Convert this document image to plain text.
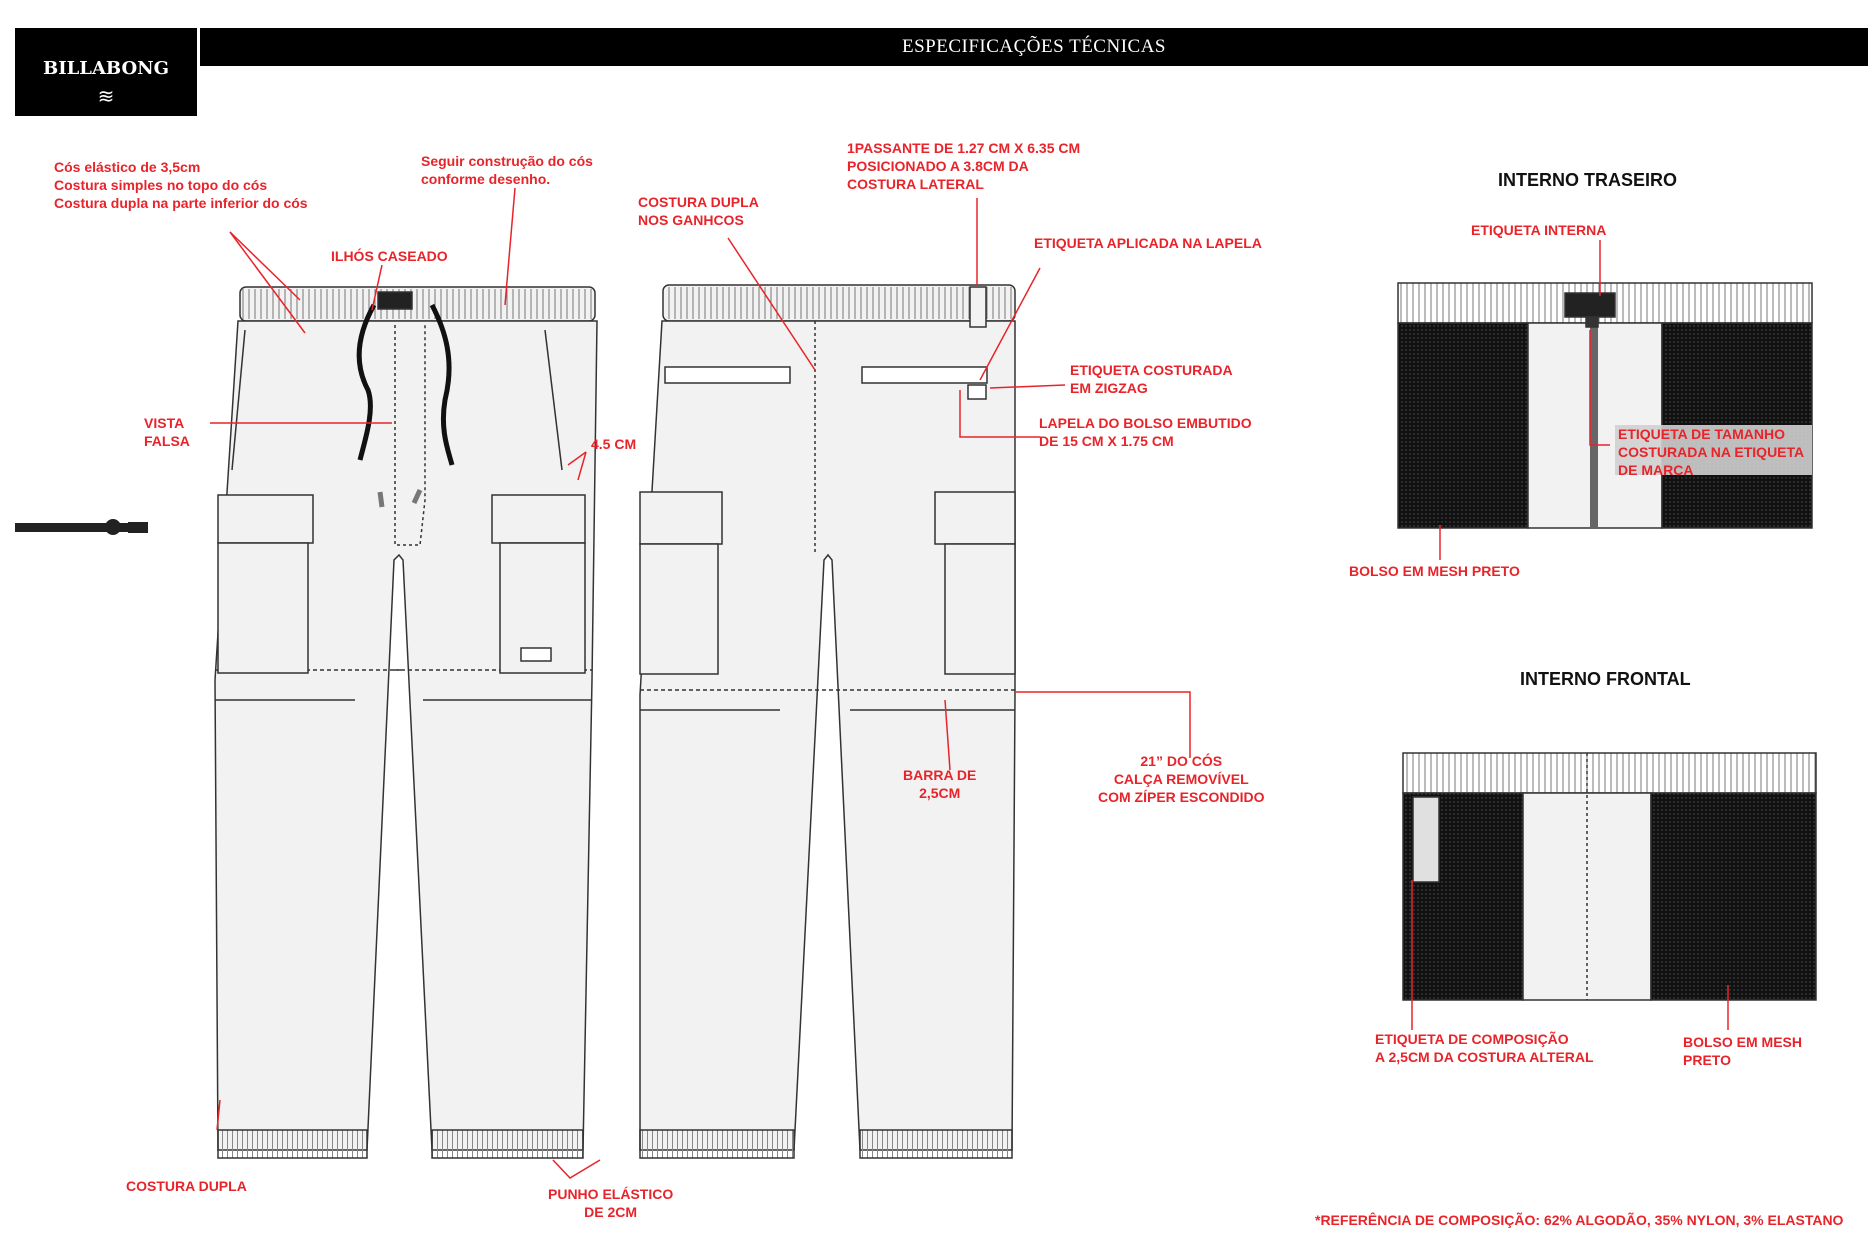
BILLABONG
≋
ESPECIFICAÇÕES TÉCNICAS
Cós elástico de 3,5cm
Costura simples no topo do cós
Costura dupla na parte inferior do cós
Seguir construção do cós
conforme desenho.
ILHÓS CASEADO
VISTA
FALSA	4.5 CM
COSTURA DUPLA	PUNHO ELÁSTICO
DE 2CM
COSTURA DUPLA
NOS GANHCOS
1PASSANTE DE 1.27 CM X 6.35 CM
POSICIONADO A 3.8CM DA
COSTURA LATERAL
ETIQUETA APLICADA NA LAPELA
ETIQUETA COSTURADA
EM ZIGZAG
LAPELA DO BOLSO EMBUTIDO
DE 15 CM X 1.75 CM
BARRA DE
2,5CM
21” DO CÓS
CALÇA REMOVÍVEL
COM ZÍPER ESCONDIDO
INTERNO TRASEIRO
ETIQUETA INTERNA
ETIQUETA DE TAMANHO
COSTURADA NA ETIQUETA
DE MARCA
BOLSO EM MESH PRETO
INTERNO FRONTAL
ETIQUETA DE COMPOSIÇÃO
A 2,5CM DA COSTURA ALTERAL
BOLSO EM MESH
PRETO
*REFERÊNCIA DE COMPOSIÇÃO: 62% ALGODÃO, 35% NYLON, 3% ELASTANO
